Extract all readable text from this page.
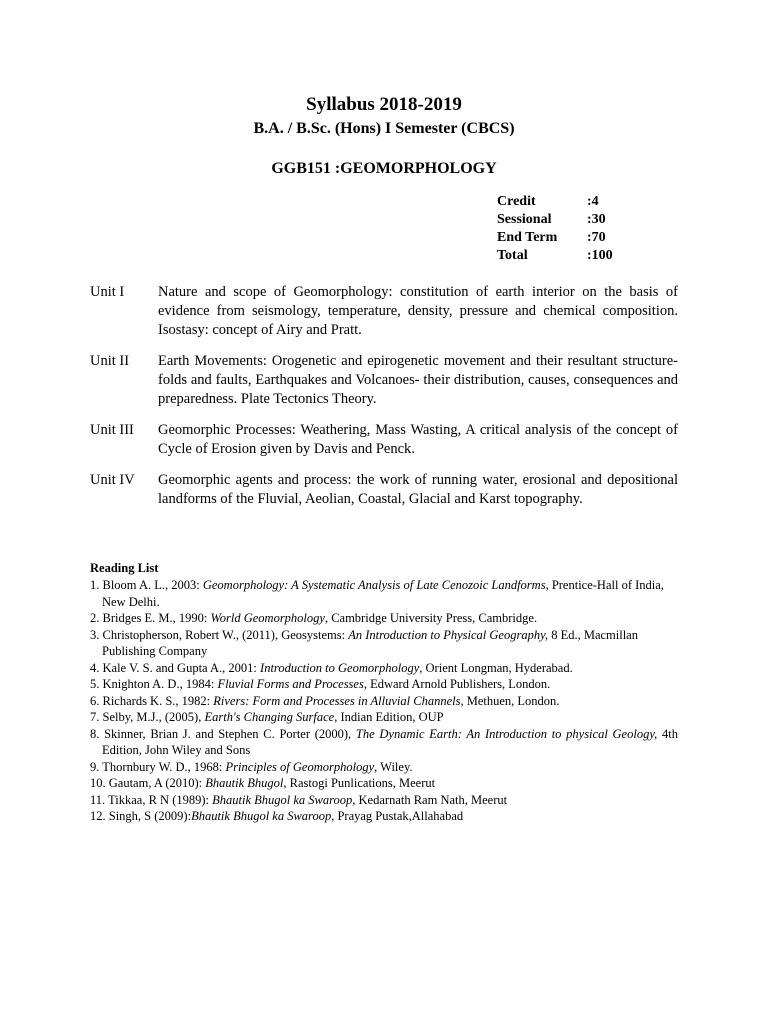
Syllabus 2018-2019

B.A. / B.Sc. (Hons) I Semester (CBCS)

GGB151 :GEOMORPHOLOGY

Credit	:4
Sessional	:30
End Term	:70
Total	:100
Unit I	Nature and scope of Geomorphology: constitution of earth interior on the basis of evidence from seismology, temperature, density, pressure and chemical composition. Isostasy: concept of Airy and Pratt.
Unit II	Earth Movements: Orogenetic and epirogenetic movement and their resultant structure- folds and faults, Earthquakes and Volcanoes- their distribution, causes, consequences and preparedness. Plate Tectonics Theory.
Unit III	Geomorphic Processes: Weathering, Mass Wasting, A critical analysis of the concept of Cycle of Erosion given by Davis and Penck.
Unit IV	Geomorphic agents and process: the work of running water, erosional and depositional landforms of the Fluvial, Aeolian, Coastal, Glacial and Karst topography.
Reading List
1. Bloom A. L., 2003: Geomorphology: A Systematic Analysis of Late Cenozoic Landforms, Prentice-Hall of India, New Delhi.
2. Bridges E. M., 1990: World Geomorphology, Cambridge University Press, Cambridge.
3. Christopherson, Robert W., (2011), Geosystems: An Introduction to Physical Geography, 8 Ed., Macmillan Publishing Company
4. Kale V. S. and Gupta A., 2001: Introduction to Geomorphology, Orient Longman, Hyderabad.
5. Knighton A. D., 1984: Fluvial Forms and Processes, Edward Arnold Publishers, London.
6. Richards K. S., 1982: Rivers: Form and Processes in Alluvial Channels, Methuen, London.
7. Selby, M.J., (2005), Earth's Changing Surface, Indian Edition, OUP
8. Skinner, Brian J. and Stephen C. Porter (2000), The Dynamic Earth: An Introduction to physical Geology, 4th Edition, John Wiley and Sons
9. Thornbury W. D., 1968: Principles of Geomorphology, Wiley.
10. Gautam, A (2010): Bhautik Bhugol, Rastogi Punlications, Meerut
11. Tikkaa, R N (1989): Bhautik Bhugol ka Swaroop, Kedarnath Ram Nath, Meerut
12. Singh, S (2009):Bhautik Bhugol ka Swaroop, Prayag Pustak,Allahabad
